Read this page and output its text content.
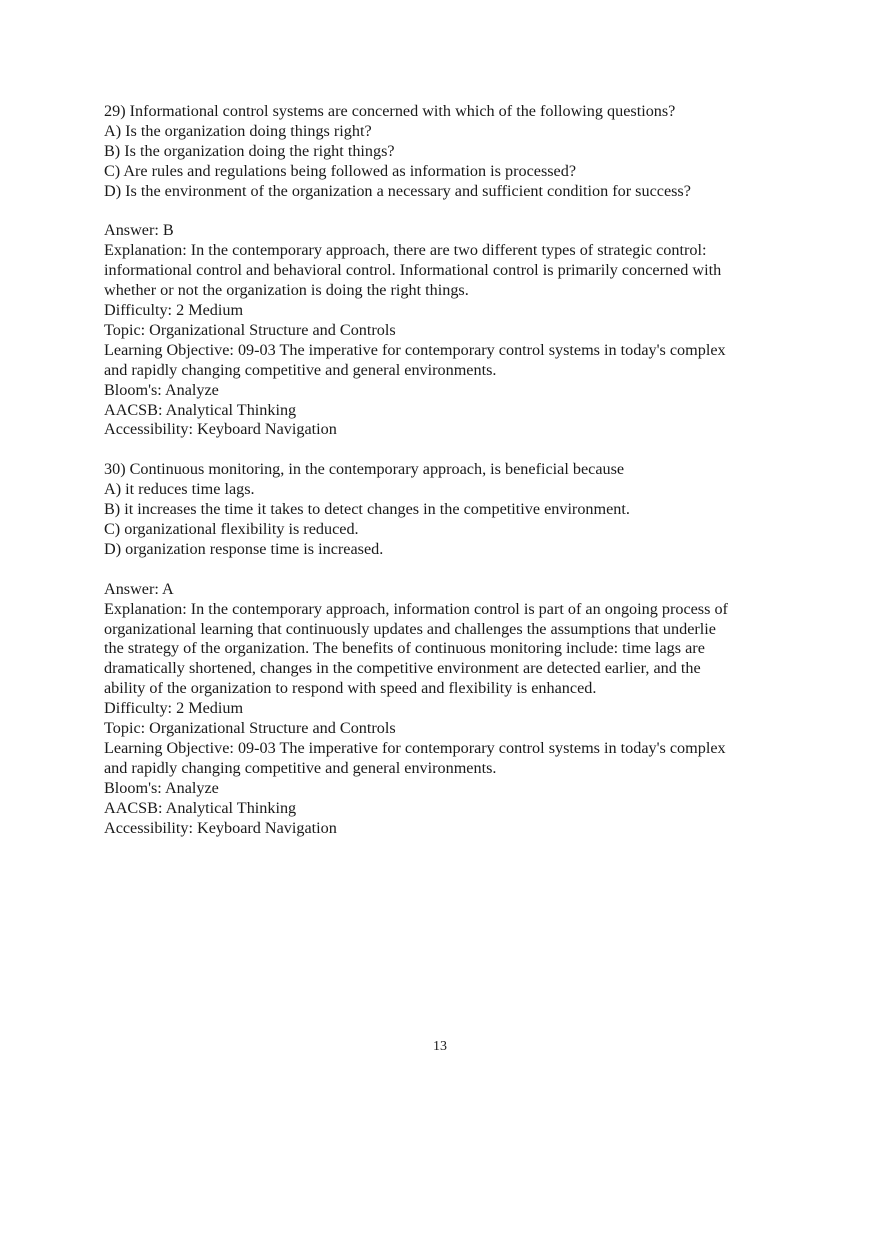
29) Informational control systems are concerned with which of the following questions?
A) Is the organization doing things right?
B) Is the organization doing the right things?
C) Are rules and regulations being followed as information is processed?
D) Is the environment of the organization a necessary and sufficient condition for success?
Answer: B
Explanation: In the contemporary approach, there are two different types of strategic control:
informational control and behavioral control. Informational control is primarily concerned with
whether or not the organization is doing the right things.
Difficulty: 2 Medium
Topic: Organizational Structure and Controls
Learning Objective: 09-03 The imperative for contemporary control systems in today's complex
and rapidly changing competitive and general environments.
Bloom's: Analyze
AACSB: Analytical Thinking
Accessibility: Keyboard Navigation
30) Continuous monitoring, in the contemporary approach, is beneficial because
A) it reduces time lags.
B) it increases the time it takes to detect changes in the competitive environment.
C) organizational flexibility is reduced.
D) organization response time is increased.
Answer: A
Explanation: In the contemporary approach, information control is part of an ongoing process of
organizational learning that continuously updates and challenges the assumptions that underlie
the strategy of the organization. The benefits of continuous monitoring include: time lags are
dramatically shortened, changes in the competitive environment are detected earlier, and the
ability of the organization to respond with speed and flexibility is enhanced.
Difficulty: 2 Medium
Topic: Organizational Structure and Controls
Learning Objective: 09-03 The imperative for contemporary control systems in today's complex
and rapidly changing competitive and general environments.
Bloom's: Analyze
AACSB: Analytical Thinking
Accessibility: Keyboard Navigation
13
